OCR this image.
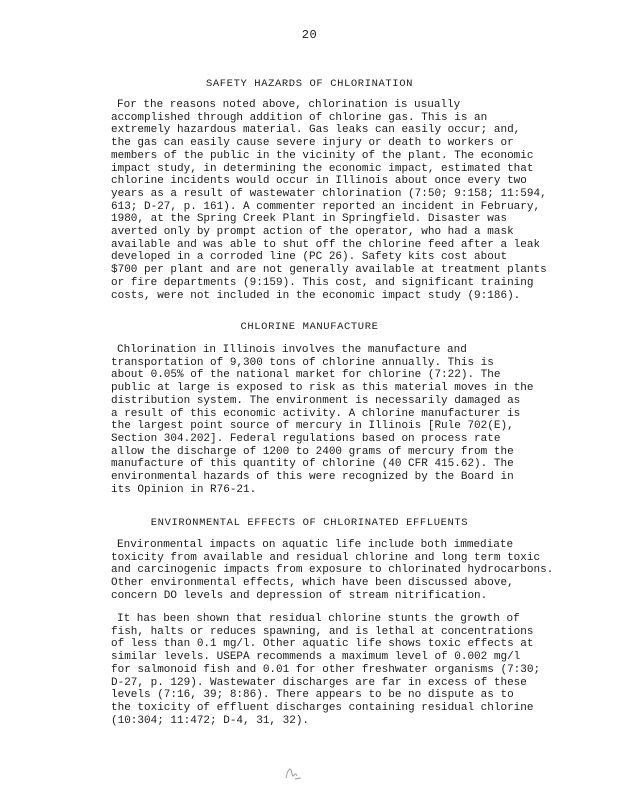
20
SAFETY HAZARDS OF CHLORINATION
For the reasons noted above, chlorination is usually
accomplished through addition of chlorine gas. This is an
extremely hazardous material. Gas leaks can easily occur; and,
the gas can easily cause severe injury or death to workers or
members of the public in the vicinity of the plant. The economic
impact study, in determining the economic impact, estimated that
chlorine incidents would occur in Illinois about once every two
years as a result of wastewater chlorination (7:50; 9:158; 11:594,
613; D-27, p. 161). A commenter reported an incident in February,
1980, at the Spring Creek Plant in Springfield. Disaster was
averted only by prompt action of the operator, who had a mask
available and was able to shut off the chlorine feed after a leak
developed in a corroded line (PC 26). Safety kits cost about
$700 per plant and are not generally available at treatment plants
or fire departments (9:159). This cost, and significant training
costs, were not included in the economic impact study (9:186).
CHLORINE MANUFACTURE
Chlorination in Illinois involves the manufacture and
transportation of 9,300 tons of chlorine annually. This is
about 0.05% of the national market for chlorine (7:22). The
public at large is exposed to risk as this material moves in the
distribution system. The environment is necessarily damaged as
a result of this economic activity. A chlorine manufacturer is
the largest point source of mercury in Illinois [Rule 702(E),
Section 304.202]. Federal regulations based on process rate
allow the discharge of 1200 to 2400 grams of mercury from the
manufacture of this quantity of chlorine (40 CFR 415.62). The
environmental hazards of this were recognized by the Board in
its Opinion in R76-21.
ENVIRONMENTAL EFFECTS OF CHLORINATED EFFLUENTS
Environmental impacts on aquatic life include both immediate
toxicity from available and residual chlorine and long term toxic
and carcinogenic impacts from exposure to chlorinated hydrocarbons.
Other environmental effects, which have been discussed above,
concern DO levels and depression of stream nitrification.
It has been shown that residual chlorine stunts the growth of
fish, halts or reduces spawning, and is lethal at concentrations
of less than 0.1 mg/l. Other aquatic life shows toxic effects at
similar levels. USEPA recommends a maximum level of 0.002 mg/l
for salmonoid fish and 0.01 for other freshwater organisms (7:30;
D-27, p. 129). Wastewater discharges are far in excess of these
levels (7:16, 39; 8:86). There appears to be no dispute as to
the toxicity of effluent discharges containing residual chlorine
(10:304; 11:472; D-4, 31, 32).
